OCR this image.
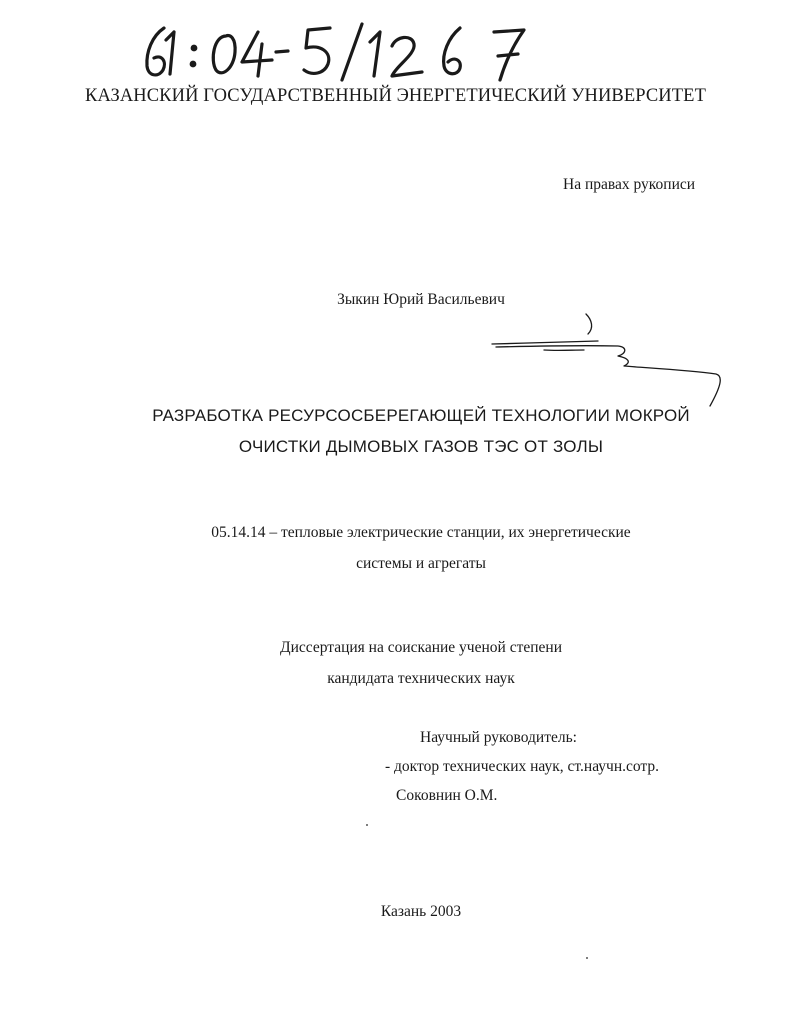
КАЗАНСКИЙ ГОСУДАРСТВЕННЫЙ ЭНЕРГЕТИЧЕСКИЙ УНИВЕРСИТЕТ
На правах рукописи
Зыкин Юрий Васильевич
РАЗРАБОТКА РЕСУРСОСБЕРЕГАЮЩЕЙ ТЕХНОЛОГИИ МОКРОЙ
ОЧИСТКИ ДЫМОВЫХ ГАЗОВ ТЭС ОТ ЗОЛЫ
05.14.14 – тепловые электрические станции, их энергетические
системы и агрегаты
Диссертация на соискание ученой степени
кандидата технических наук
Научный руководитель:
- доктор технических наук, ст.научн.сотр.
Соковнин О.М.
Казань 2003
